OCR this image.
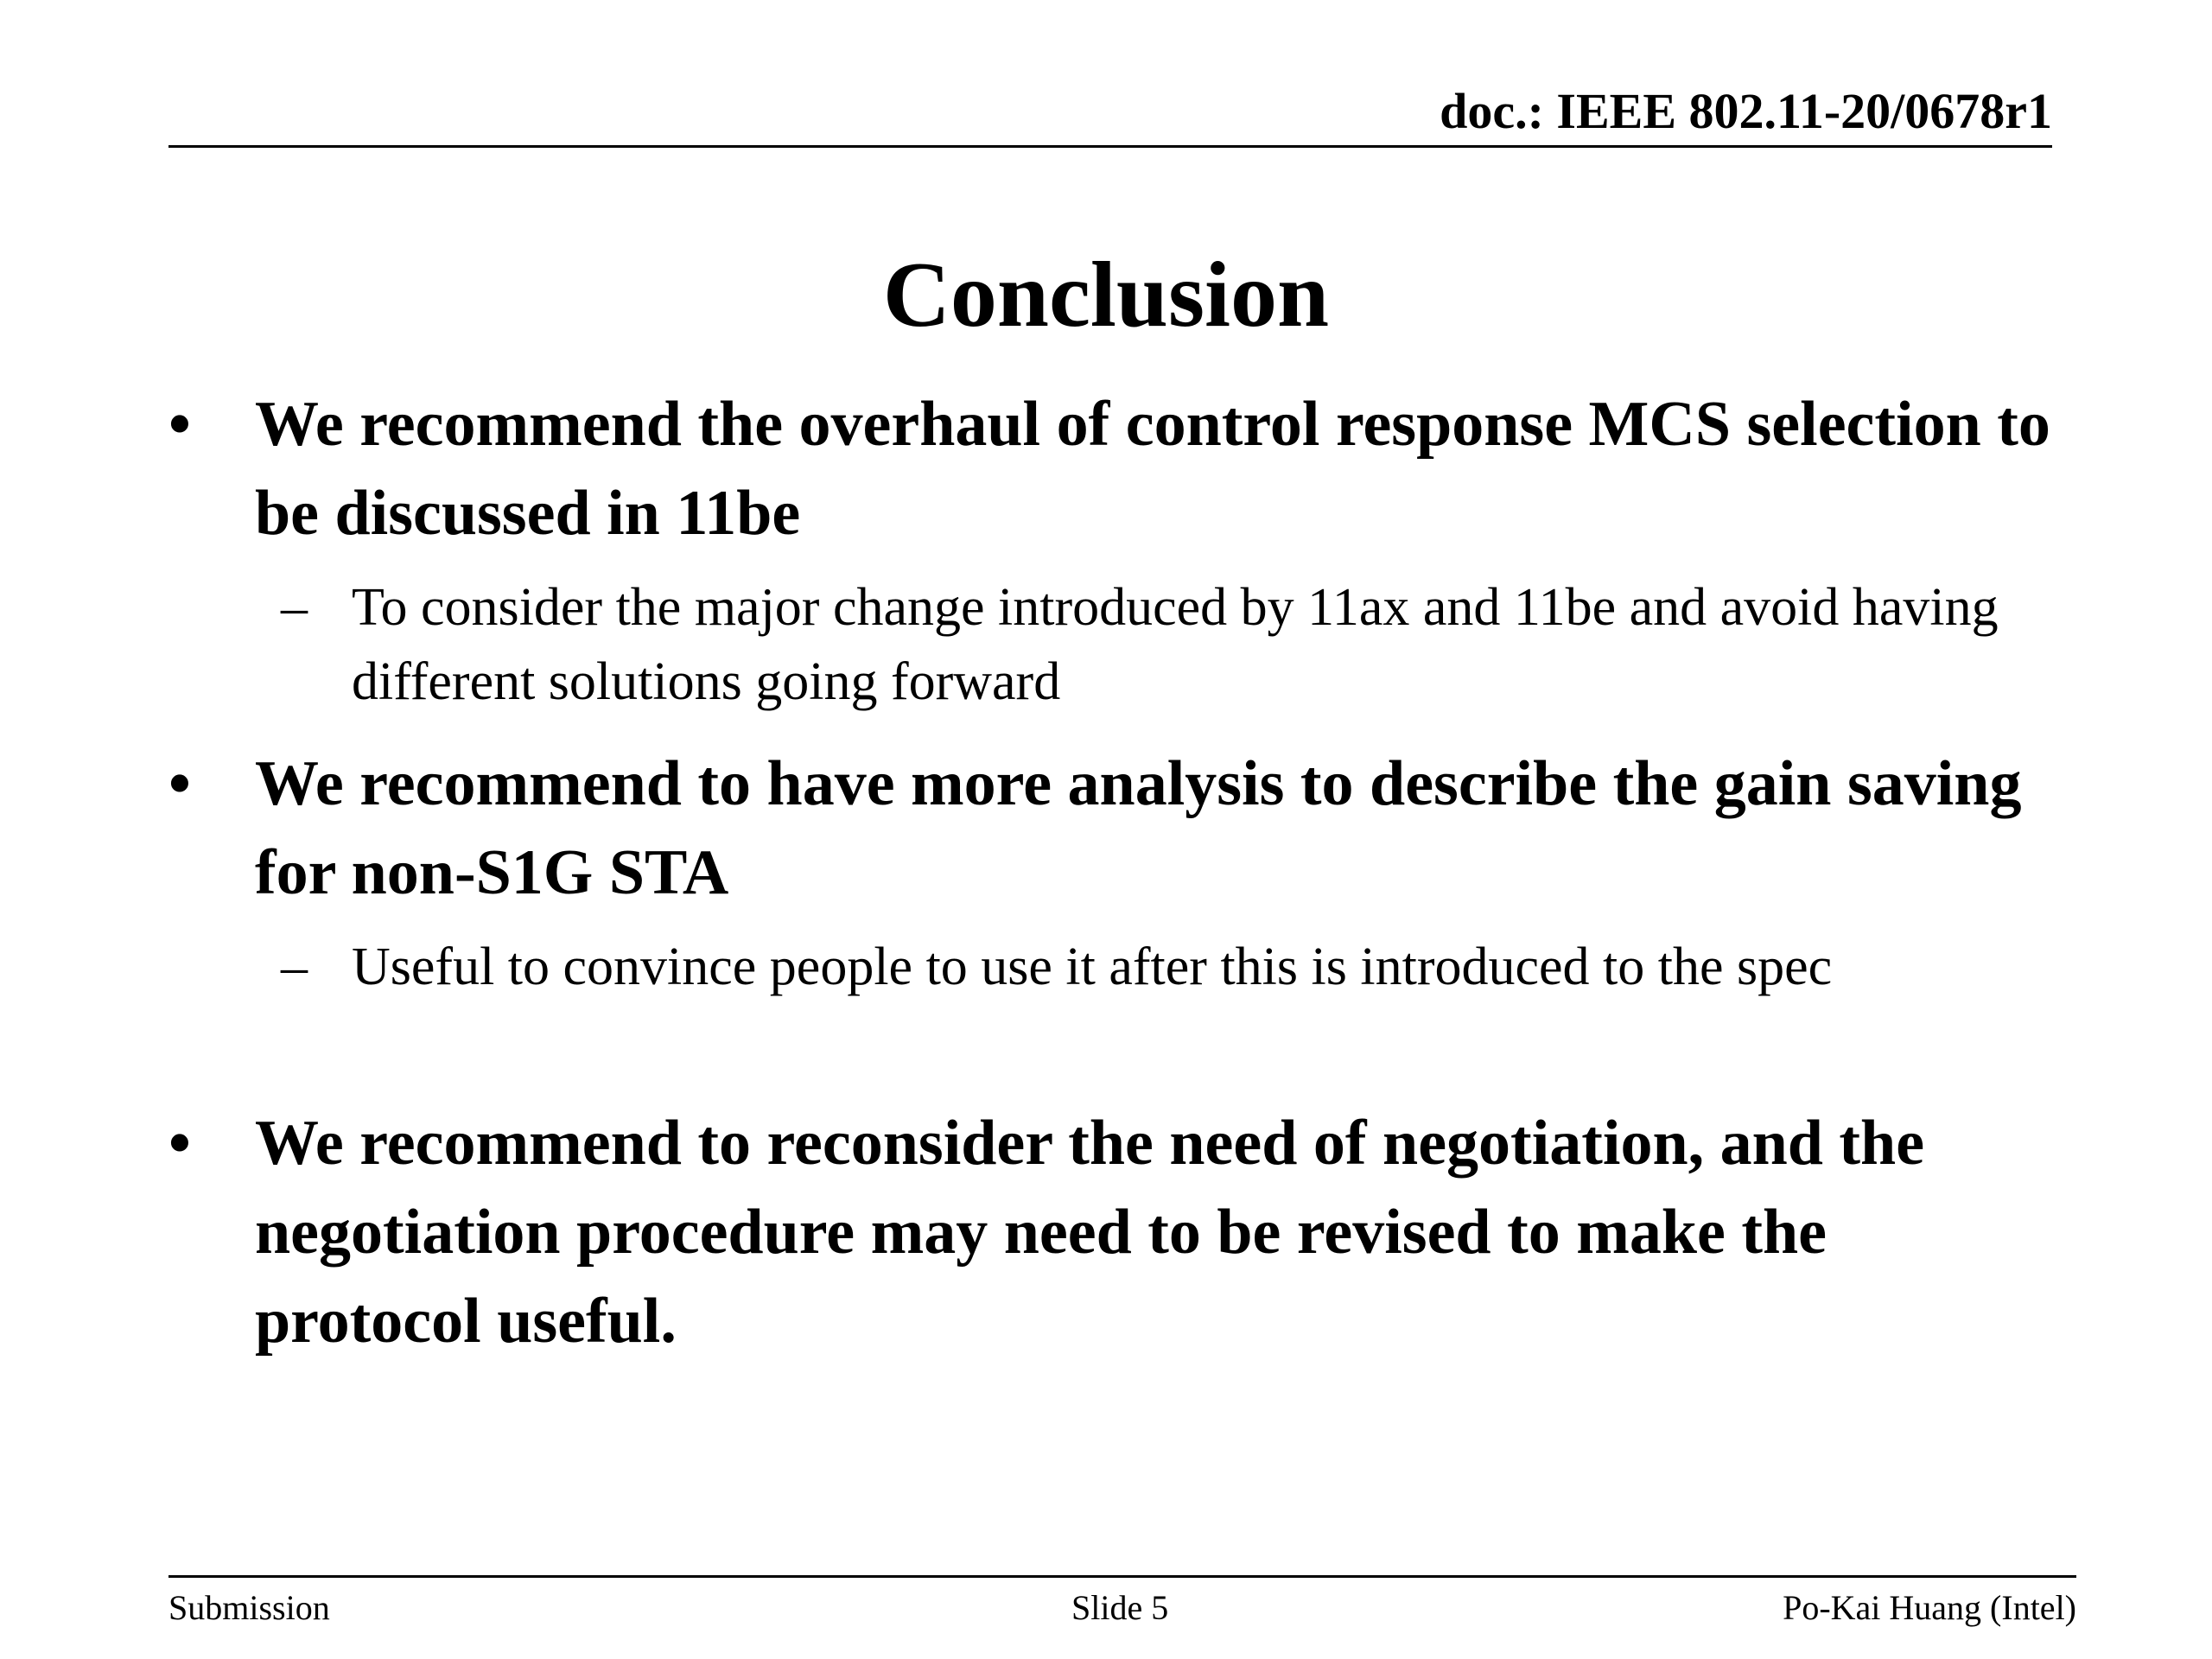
doc.: IEEE 802.11-20/0678r1
Conclusion
• We recommend the overhaul of control response MCS selection to be discussed in 11be
– To consider the major change introduced by 11ax and 11be and avoid having different solutions going forward
• We recommend to have more analysis to describe the gain saving for non-S1G STA
– Useful to convince people to use it after this is introduced to the spec
• We recommend to reconsider the need of negotiation, and the negotiation procedure may need to be revised to make the protocol useful.
Submission	Slide 5	Po-Kai Huang (Intel)
